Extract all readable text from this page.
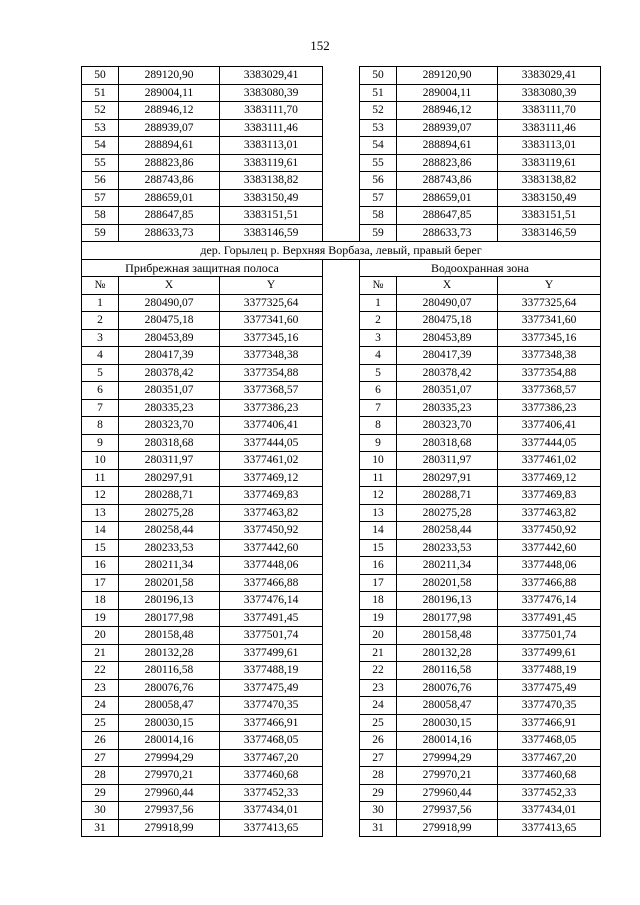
152
50	289120,90	3383029,41		50	289120,90	3383029,41
51	289004,11	3383080,39		51	289004,11	3383080,39
52	288946,12	3383111,70		52	288946,12	3383111,70
53	288939,07	3383111,46		53	288939,07	3383111,46
54	288894,61	3383113,01		54	288894,61	3383113,01
55	288823,86	3383119,61		55	288823,86	3383119,61
56	288743,86	3383138,82		56	288743,86	3383138,82
57	288659,01	3383150,49		57	288659,01	3383150,49
58	288647,85	3383151,51		58	288647,85	3383151,51
59	288633,73	3383146,59		59	288633,73	3383146,59
дер. Горылец р. Верхняя Ворбаза, левый, правый берег						
Прибрежная защитная полоса				Водоохранная зона		
№	X	Y		№	X	Y
1	280490,07	3377325,64		1	280490,07	3377325,64
2	280475,18	3377341,60		2	280475,18	3377341,60
3	280453,89	3377345,16		3	280453,89	3377345,16
4	280417,39	3377348,38		4	280417,39	3377348,38
5	280378,42	3377354,88		5	280378,42	3377354,88
6	280351,07	3377368,57		6	280351,07	3377368,57
7	280335,23	3377386,23		7	280335,23	3377386,23
8	280323,70	3377406,41		8	280323,70	3377406,41
9	280318,68	3377444,05		9	280318,68	3377444,05
10	280311,97	3377461,02		10	280311,97	3377461,02
11	280297,91	3377469,12		11	280297,91	3377469,12
12	280288,71	3377469,83		12	280288,71	3377469,83
13	280275,28	3377463,82		13	280275,28	3377463,82
14	280258,44	3377450,92		14	280258,44	3377450,92
15	280233,53	3377442,60		15	280233,53	3377442,60
16	280211,34	3377448,06		16	280211,34	3377448,06
17	280201,58	3377466,88		17	280201,58	3377466,88
18	280196,13	3377476,14		18	280196,13	3377476,14
19	280177,98	3377491,45		19	280177,98	3377491,45
20	280158,48	3377501,74		20	280158,48	3377501,74
21	280132,28	3377499,61		21	280132,28	3377499,61
22	280116,58	3377488,19		22	280116,58	3377488,19
23	280076,76	3377475,49		23	280076,76	3377475,49
24	280058,47	3377470,35		24	280058,47	3377470,35
25	280030,15	3377466,91		25	280030,15	3377466,91
26	280014,16	3377468,05		26	280014,16	3377468,05
27	279994,29	3377467,20		27	279994,29	3377467,20
28	279970,21	3377460,68		28	279970,21	3377460,68
29	279960,44	3377452,33		29	279960,44	3377452,33
30	279937,56	3377434,01		30	279937,56	3377434,01
31	279918,99	3377413,65		31	279918,99	3377413,65
